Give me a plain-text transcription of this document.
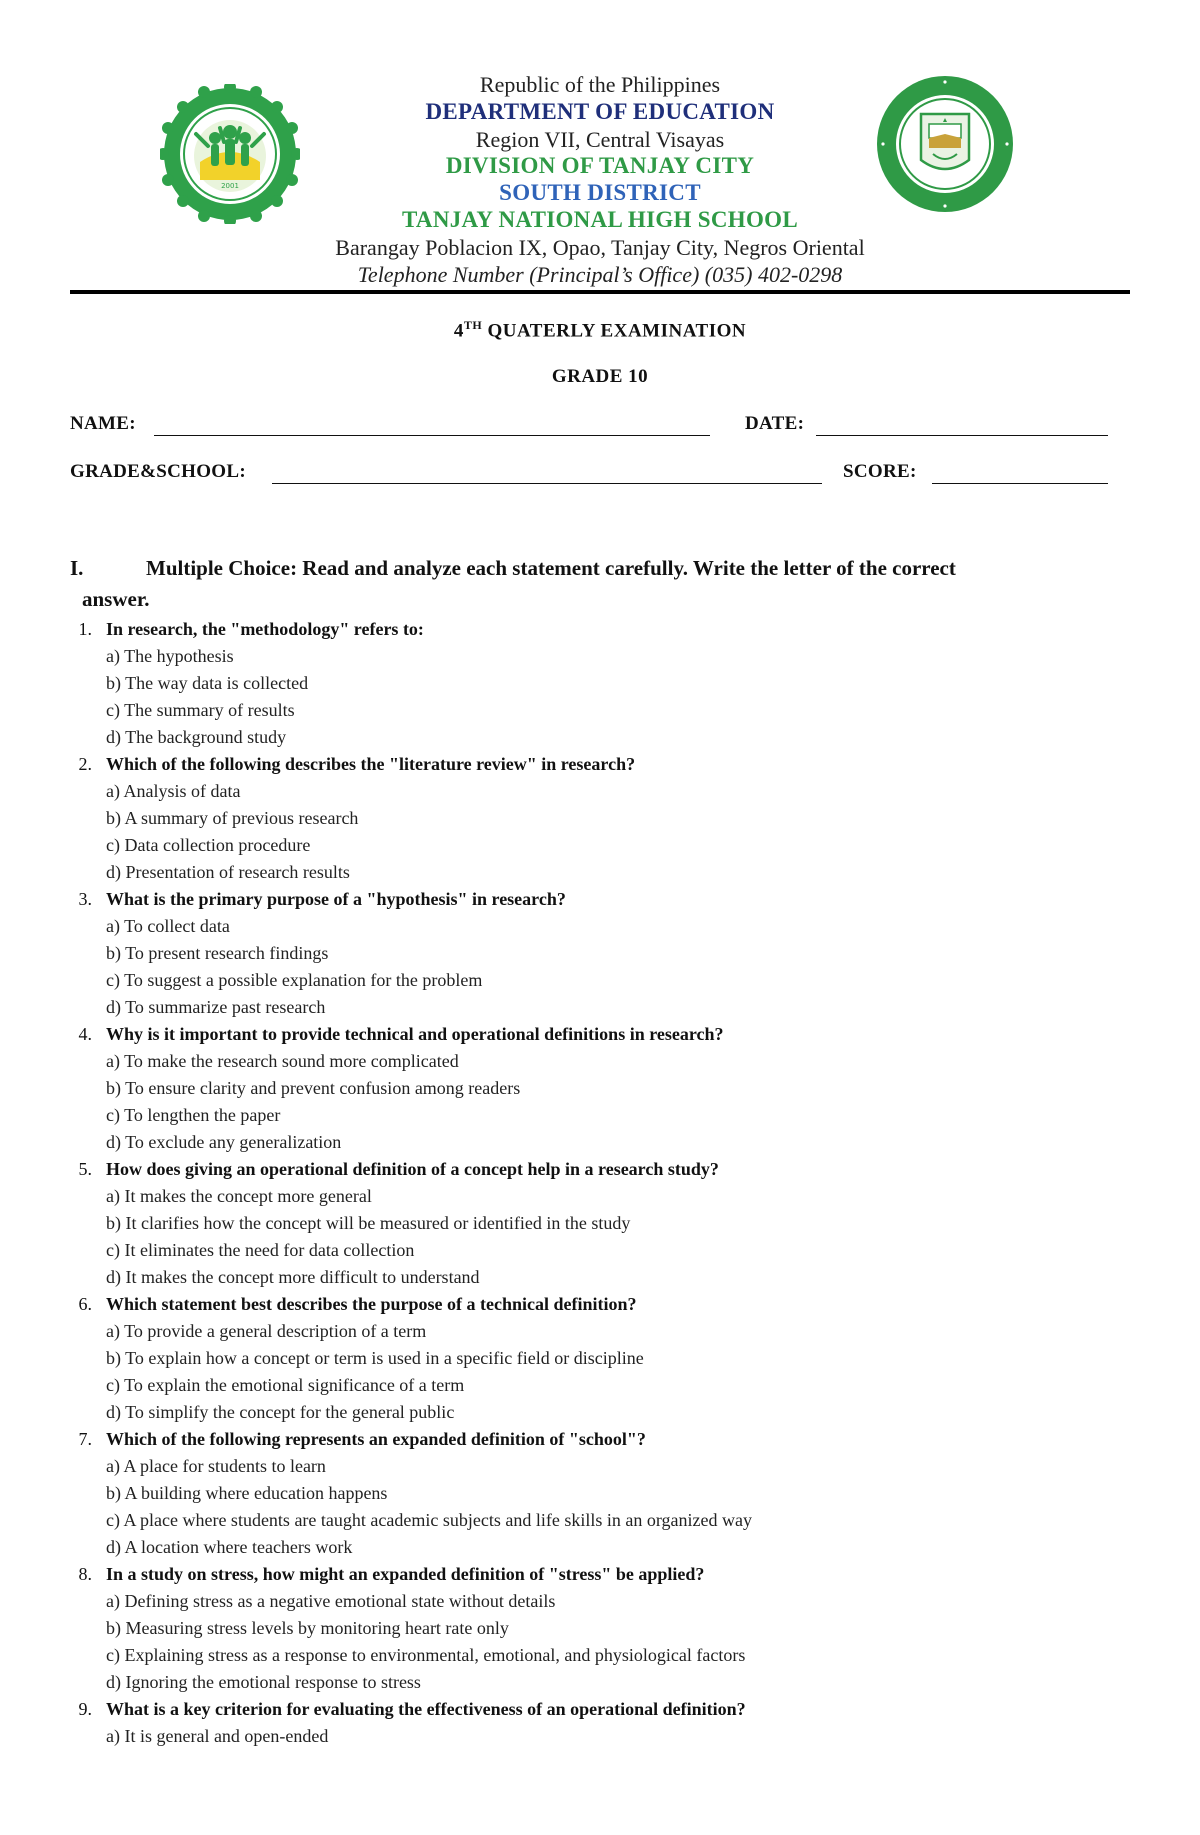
2001
Republic of the Philippines
DEPARTMENT OF EDUCATION
Region VII, Central Visayas
DIVISION OF TANJAY CITY
SOUTH DISTRICT
TANJAY NATIONAL HIGH SCHOOL
Barangay Poblacion IX, Opao, Tanjay City, Negros Oriental
Telephone Number (Principal’s Office) (035) 402-0298
4TH QUATERLY EXAMINATION
GRADE 10
NAME:	DATE:
GRADE&SCHOOL:	SCORE:
I.	Multiple Choice: Read and analyze each statement carefully. Write the letter of the correct
answer.
1. In research, the "methodology" refers to:
a) The hypothesis
b) The way data is collected
c) The summary of results
d) The background study
2. Which of the following describes the "literature review" in research?
a) Analysis of data
b) A summary of previous research
c) Data collection procedure
d) Presentation of research results
3. What is the primary purpose of a "hypothesis" in research?
a) To collect data
b) To present research findings
c) To suggest a possible explanation for the problem
d) To summarize past research
4. Why is it important to provide technical and operational definitions in research?
a) To make the research sound more complicated
b) To ensure clarity and prevent confusion among readers
c) To lengthen the paper
d) To exclude any generalization
5. How does giving an operational definition of a concept help in a research study?
a) It makes the concept more general
b) It clarifies how the concept will be measured or identified in the study
c) It eliminates the need for data collection
d) It makes the concept more difficult to understand
6. Which statement best describes the purpose of a technical definition?
a) To provide a general description of a term
b) To explain how a concept or term is used in a specific field or discipline
c) To explain the emotional significance of a term
d) To simplify the concept for the general public
7. Which of the following represents an expanded definition of "school"?
a) A place for students to learn
b) A building where education happens
c) A place where students are taught academic subjects and life skills in an organized way
d) A location where teachers work
8. In a study on stress, how might an expanded definition of "stress" be applied?
a) Defining stress as a negative emotional state without details
b) Measuring stress levels by monitoring heart rate only
c) Explaining stress as a response to environmental, emotional, and physiological factors
d) Ignoring the emotional response to stress
9. What is a key criterion for evaluating the effectiveness of an operational definition?
a) It is general and open-ended
